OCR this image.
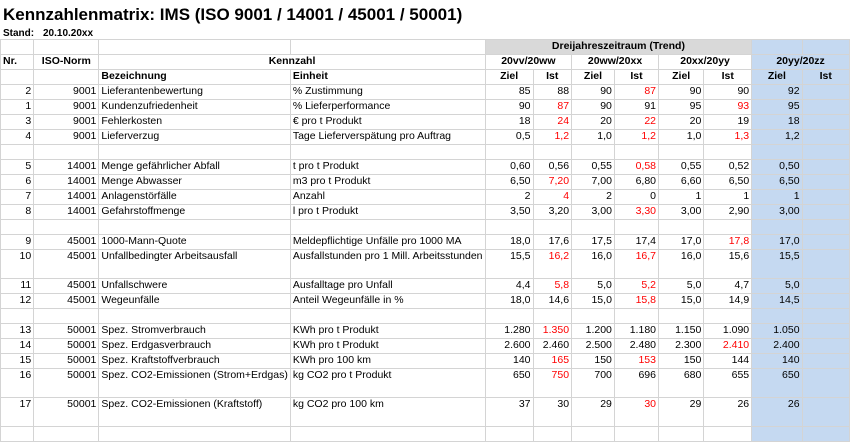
Kennzahlenmatrix: IMS (ISO 9001 / 14001 / 45001 / 50001)
Stand: 20.10.20xx
				Dreijahreszeitraum (Trend)							
Nr.	ISO-Norm	Kennzahl		20vv/20ww		20ww/20xx		20xx/20yy		20yy/20zz	
		Bezeichnung	Einheit	Ziel	Ist	Ziel	Ist	Ziel	Ist	Ziel	Ist
2	9001	Lieferantenbewertung	% Zustimmung	85	88	90	87	90	90	92	
1	9001	Kundenzufriedenheit	% Lieferperformance	90	87	90	91	95	93	95	
3	9001	Fehlerkosten	€ pro t Produkt	18	24	20	22	20	19	18	
4	9001	Lieferverzug	Tage Lieferverspätung pro Auftrag	0,5	1,2	1,0	1,2	1,0	1,3	1,2	

5	14001	Menge gefährlicher Abfall	t pro t Produkt	0,60	0,56	0,55	0,58	0,55	0,52	0,50	
6	14001	Menge Abwasser	m3 pro t Produkt	6,50	7,20	7,00	6,80	6,60	6,50	6,50	
7	14001	Anlagenstörfälle	Anzahl	2	4	2	0	1	1	1	
8	14001	Gefahrstoffmenge	l pro t Produkt	3,50	3,20	3,00	3,30	3,00	2,90	3,00	

9	45001	1000-Mann-Quote	Meldepflichtige Unfälle pro 1000 MA	18,0	17,6	17,5	17,4	17,0	17,8	17,0	
10	45001	Unfallbedingter Arbeitsausfall	Ausfallstunden pro 1 Mill. Arbeitsstunden	15,5	16,2	16,0	16,7	16,0	15,6	15,5	
11	45001	Unfallschwere	Ausfalltage pro Unfall	4,4	5,8	5,0	5,2	5,0	4,7	5,0	
12	45001	Wegeunfälle	Anteil Wegeunfälle in %	18,0	14,6	15,0	15,8	15,0	14,9	14,5	

13	50001	Spez. Stromverbrauch	KWh pro t Produkt	1.280	1.350	1.200	1.180	1.150	1.090	1.050	
14	50001	Spez. Erdgasverbrauch	KWh pro t Produkt	2.600	2.460	2.500	2.480	2.300	2.410	2.400	
15	50001	Spez. Kraftstoffverbrauch	KWh pro 100 km	140	165	150	153	150	144	140	
16	50001	Spez. CO2-Emissionen (Strom+Erdgas)	kg CO2 pro t Produkt	650	750	700	696	680	655	650	
17	50001	Spez. CO2-Emissionen (Kraftstoff)	kg CO2 pro 100 km	37	30	29	30	29	26	26	
